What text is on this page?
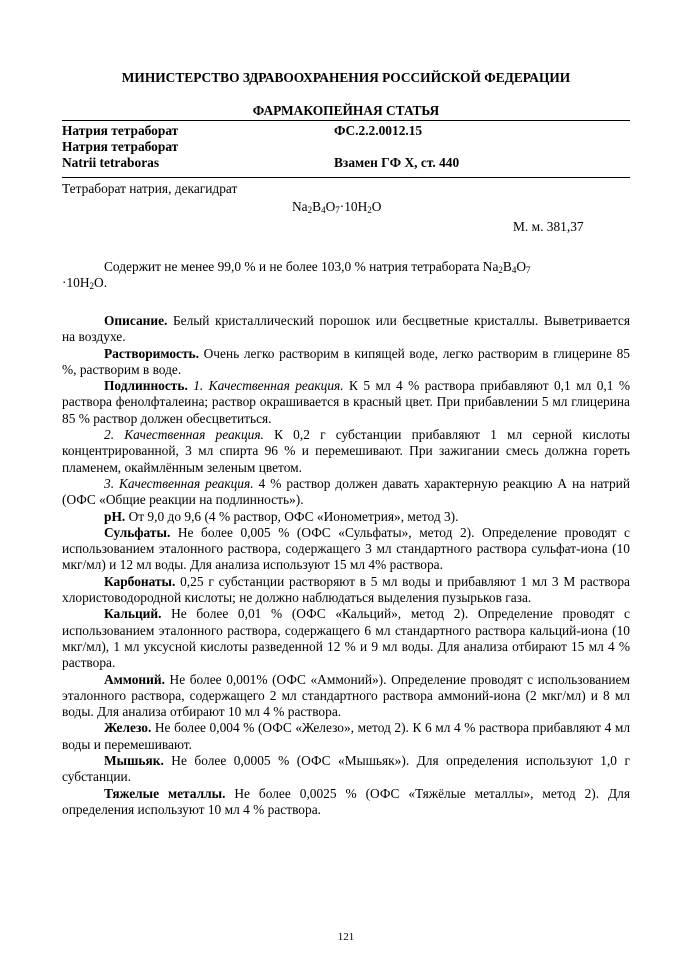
МИНИСТЕРСТВО ЗДРАВООХРАНЕНИЯ РОССИЙСКОЙ ФЕДЕРАЦИИ
ФАРМАКОПЕЙНАЯ СТАТЬЯ
Натрия тетраборат	ФС.2.2.0012.15
Натрия тетраборат
Natrii tetraboras	Взамен ГФ Х, ст. 440
Тетраборат натрия, декагидрат
$Na_2B_4O_7\cdot 10H_2O$
М. м. 381,37
Содержит не менее 99,0 % и не более 103,0 % натрия тетрабората $Na_2B_4O_7$
$\cdot 10H_2O$.

Описание. Белый кристаллический порошок или бесцветные кристаллы. Выветривается на воздухе.

Растворимость. Очень легко растворим в кипящей воде, легко растворим в глицерине 85 %, растворим в воде.

Подлинность. 1. Качественная реакция. К 5 мл 4 % раствора прибавляют 0,1 мл 0,1 % раствора фенолфталеина; раствор окрашивается в красный цвет. При прибавлении 5 мл глицерина 85 % раствор должен обесцветиться.

2. Качественная реакция. К 0,2 г субстанции прибавляют 1 мл серной кислоты концентрированной, 3 мл спирта 96 % и перемешивают. При зажигании смесь должна гореть пламенем, окаймлённым зеленым цветом.

3. Качественная реакция. 4 % раствор должен давать характерную реакцию А на натрий (ОФС «Общие реакции на подлинность»).

pH. От 9,0 до 9,6 (4 % раствор, ОФС «Ионометрия», метод 3).

Сульфаты. Не более 0,005 % (ОФС «Сульфаты», метод 2). Определение проводят с использованием эталонного раствора, содержащего 3 мл стандартного раствора сульфат-иона (10 мкг/мл) и 12 мл воды. Для анализа используют 15 мл 4% раствора.

Карбонаты. 0,25 г субстанции растворяют в 5 мл воды и прибавляют 1 мл 3 М раствора хлористоводородной кислоты; не должно наблюдаться выделения пузырьков газа.

Кальций. Не более 0,01 % (ОФС «Кальций», метод 2). Определение проводят с использованием эталонного раствора, содержащего 6 мл стандартного раствора кальций-иона (10 мкг/мл), 1 мл уксусной кислоты разведенной 12 % и 9 мл воды. Для анализа отбирают 15 мл 4 % раствора.

Аммоний. Не более 0,001% (ОФС «Аммоний»). Определение проводят с использованием эталонного раствора, содержащего 2 мл стандартного раствора аммоний-иона (2 мкг/мл) и 8 мл воды. Для анализа отбирают 10 мл 4 % раствора.

Железо. Не более 0,004 % (ОФС «Железо», метод 2). К 6 мл 4 % раствора прибавляют 4 мл воды и перемешивают.

Мышьяк. Не более 0,0005 % (ОФС «Мышьяк»). Для определения используют 1,0 г субстанции.

Тяжелые металлы. Не более 0,0025 % (ОФС «Тяжёлые металлы», метод 2). Для определения используют 10 мл 4 % раствора.

121
